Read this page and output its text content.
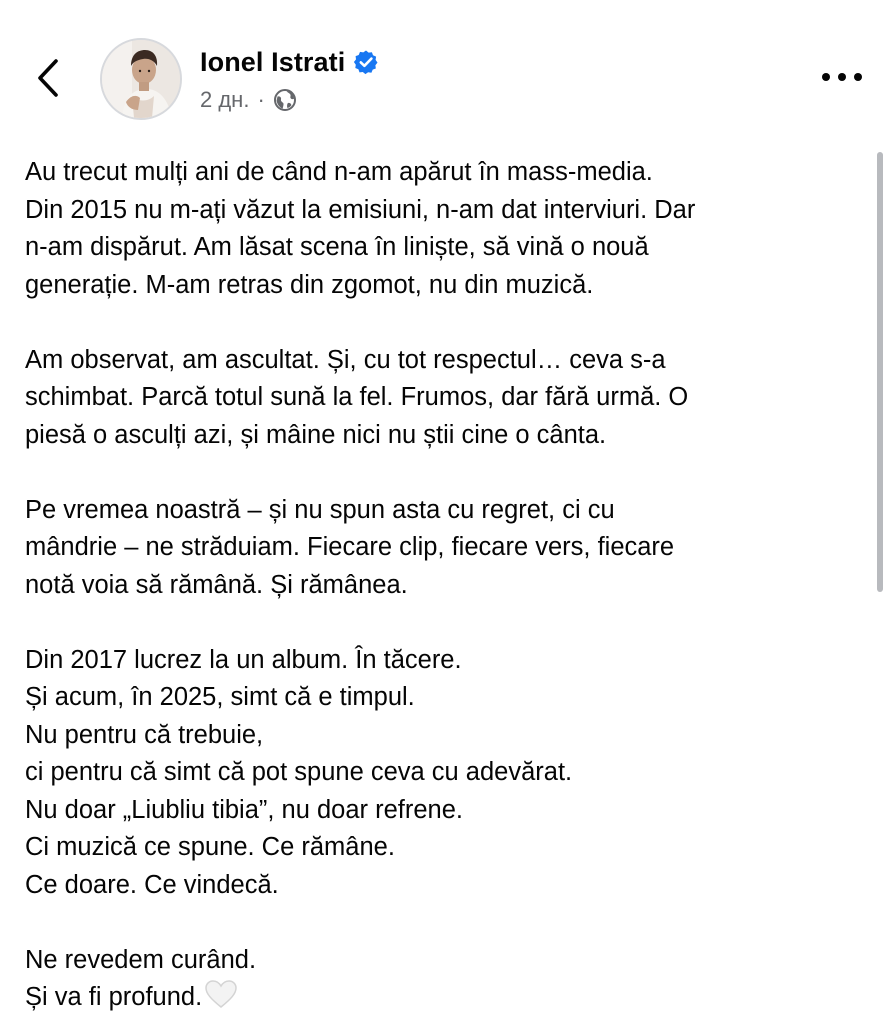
Ionel Istrati
2 дн. ·

Au trecut mulți ani de când n-am apărut în mass-media.
Din 2015 nu m-ați văzut la emisiuni, n-am dat interviuri. Dar
n-am dispărut. Am lăsat scena în liniște, să vină o nouă
generație. M-am retras din zgomot, nu din muzică.

Am observat, am ascultat. Și, cu tot respectul… ceva s-a
schimbat. Parcă totul sună la fel. Frumos, dar fără urmă. O
piesă o asculți azi, și mâine nici nu știi cine o cânta.

Pe vremea noastră – și nu spun asta cu regret, ci cu
mândrie – ne străduiam. Fiecare clip, fiecare vers, fiecare
notă voia să rămână. Și rămânea.

Din 2017 lucrez la un album. În tăcere.
Și acum, în 2025, simt că e timpul.
Nu pentru că trebuie,
ci pentru că simt că pot spune ceva cu adevărat.
Nu doar „Liubliu tibia”, nu doar refrene.
Ci muzică ce spune. Ce rămâne.
Ce doare. Ce vindecă.

Ne revedem curând.
Și va fi profund.
